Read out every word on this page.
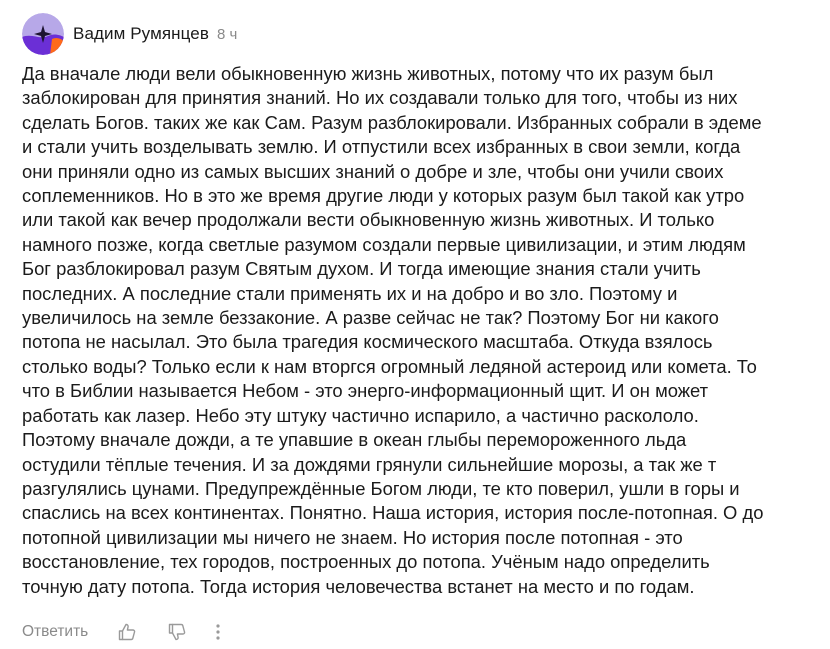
Вадим Румянцев 8 ч

Да вначале люди вели обыкновенную жизнь животных, потому что их разум был
заблокирован для принятия знаний. Но их создавали только для того, чтобы из них
сделать Богов. таких же как Сам. Разум разблокировали. Избранных собрали в эдеме
и стали учить возделывать землю. И отпустили всех избранных в свои земли, когда
они приняли одно из самых высших знаний о добре и зле, чтобы они учили своих
соплеменников. Но в это же время другие люди у которых разум был такой как утро
или такой как вечер продолжали вести обыкновенную жизнь животных. И только
намного позже, когда светлые разумом создали первые цивилизации, и этим людям
Бог разблокировал разум Святым духом. И тогда имеющие знания стали учить
последних. А последние стали применять их и на добро и во зло. Поэтому и
увеличилось на земле беззаконие. А разве сейчас не так? Поэтому Бог ни какого
потопа не насылал. Это была трагедия космического масштаба. Откуда взялось
столько воды? Только если к нам вторгся огромный ледяной астероид или комета. То
что в Библии называется Небом - это энерго-информационный щит. И он может
работать как лазер. Небо эту штуку частично испарило, а частично раскололо.
Поэтому вначале дожди, а те упавшие в океан глыбы перемороженного льда
остудили тёплые течения. И за дождями грянули сильнейшие морозы, а так же т
разгулялись цунами. Предупреждённые Богом люди, те кто поверил, ушли в горы и
спаслись на всех континентах. Понятно. Наша история, история после-потопная. О до
потопной цивилизации мы ничего не знаем. Но история после потопная - это
восстановление, тех городов, построенных до потопа. Учёным надо определить
точную дату потопа. Тогда история человечества встанет на место и по годам.

Ответить
